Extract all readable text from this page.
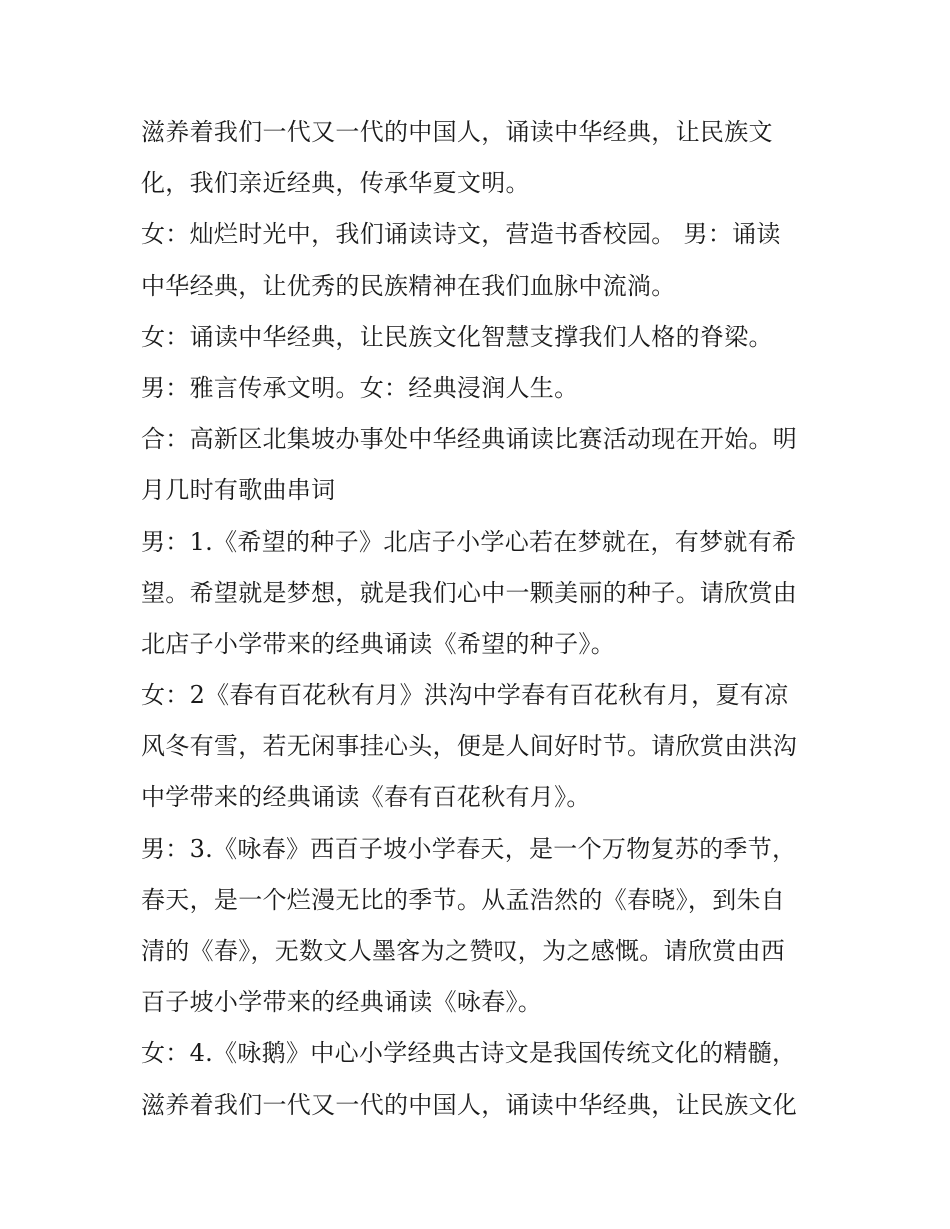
滋养着我们一代又一代的中国人，诵读中华经典，让民族文
化，我们亲近经典，传承华夏文明。
女：灿烂时光中，我们诵读诗文，营造书香校园。 男：诵读
中华经典，让优秀的民族精神在我们血脉中流淌。
女：诵读中华经典，让民族文化智慧支撑我们人格的脊梁。
男：雅言传承文明。女：经典浸润人生。
合：高新区北集坡办事处中华经典诵读比赛活动现在开始。明
月几时有歌曲串词
男：1.《希望的种子》北店子小学心若在梦就在，有梦就有希
望。希望就是梦想，就是我们心中一颗美丽的种子。请欣赏由
北店子小学带来的经典诵读《希望的种子》。
女：2《春有百花秋有月》洪沟中学春有百花秋有月，夏有凉
风冬有雪，若无闲事挂心头，便是人间好时节。请欣赏由洪沟
中学带来的经典诵读《春有百花秋有月》。
男：3.《咏春》西百子坡小学春天，是一个万物复苏的季节，
春天，是一个烂漫无比的季节。从孟浩然的《春晓》，到朱自
清的《春》，无数文人墨客为之赞叹，为之感慨。请欣赏由西
百子坡小学带来的经典诵读《咏春》。
女：4.《咏鹅》中心小学经典古诗文是我国传统文化的精髓，
滋养着我们一代又一代的中国人，诵读中华经典，让民族文化
